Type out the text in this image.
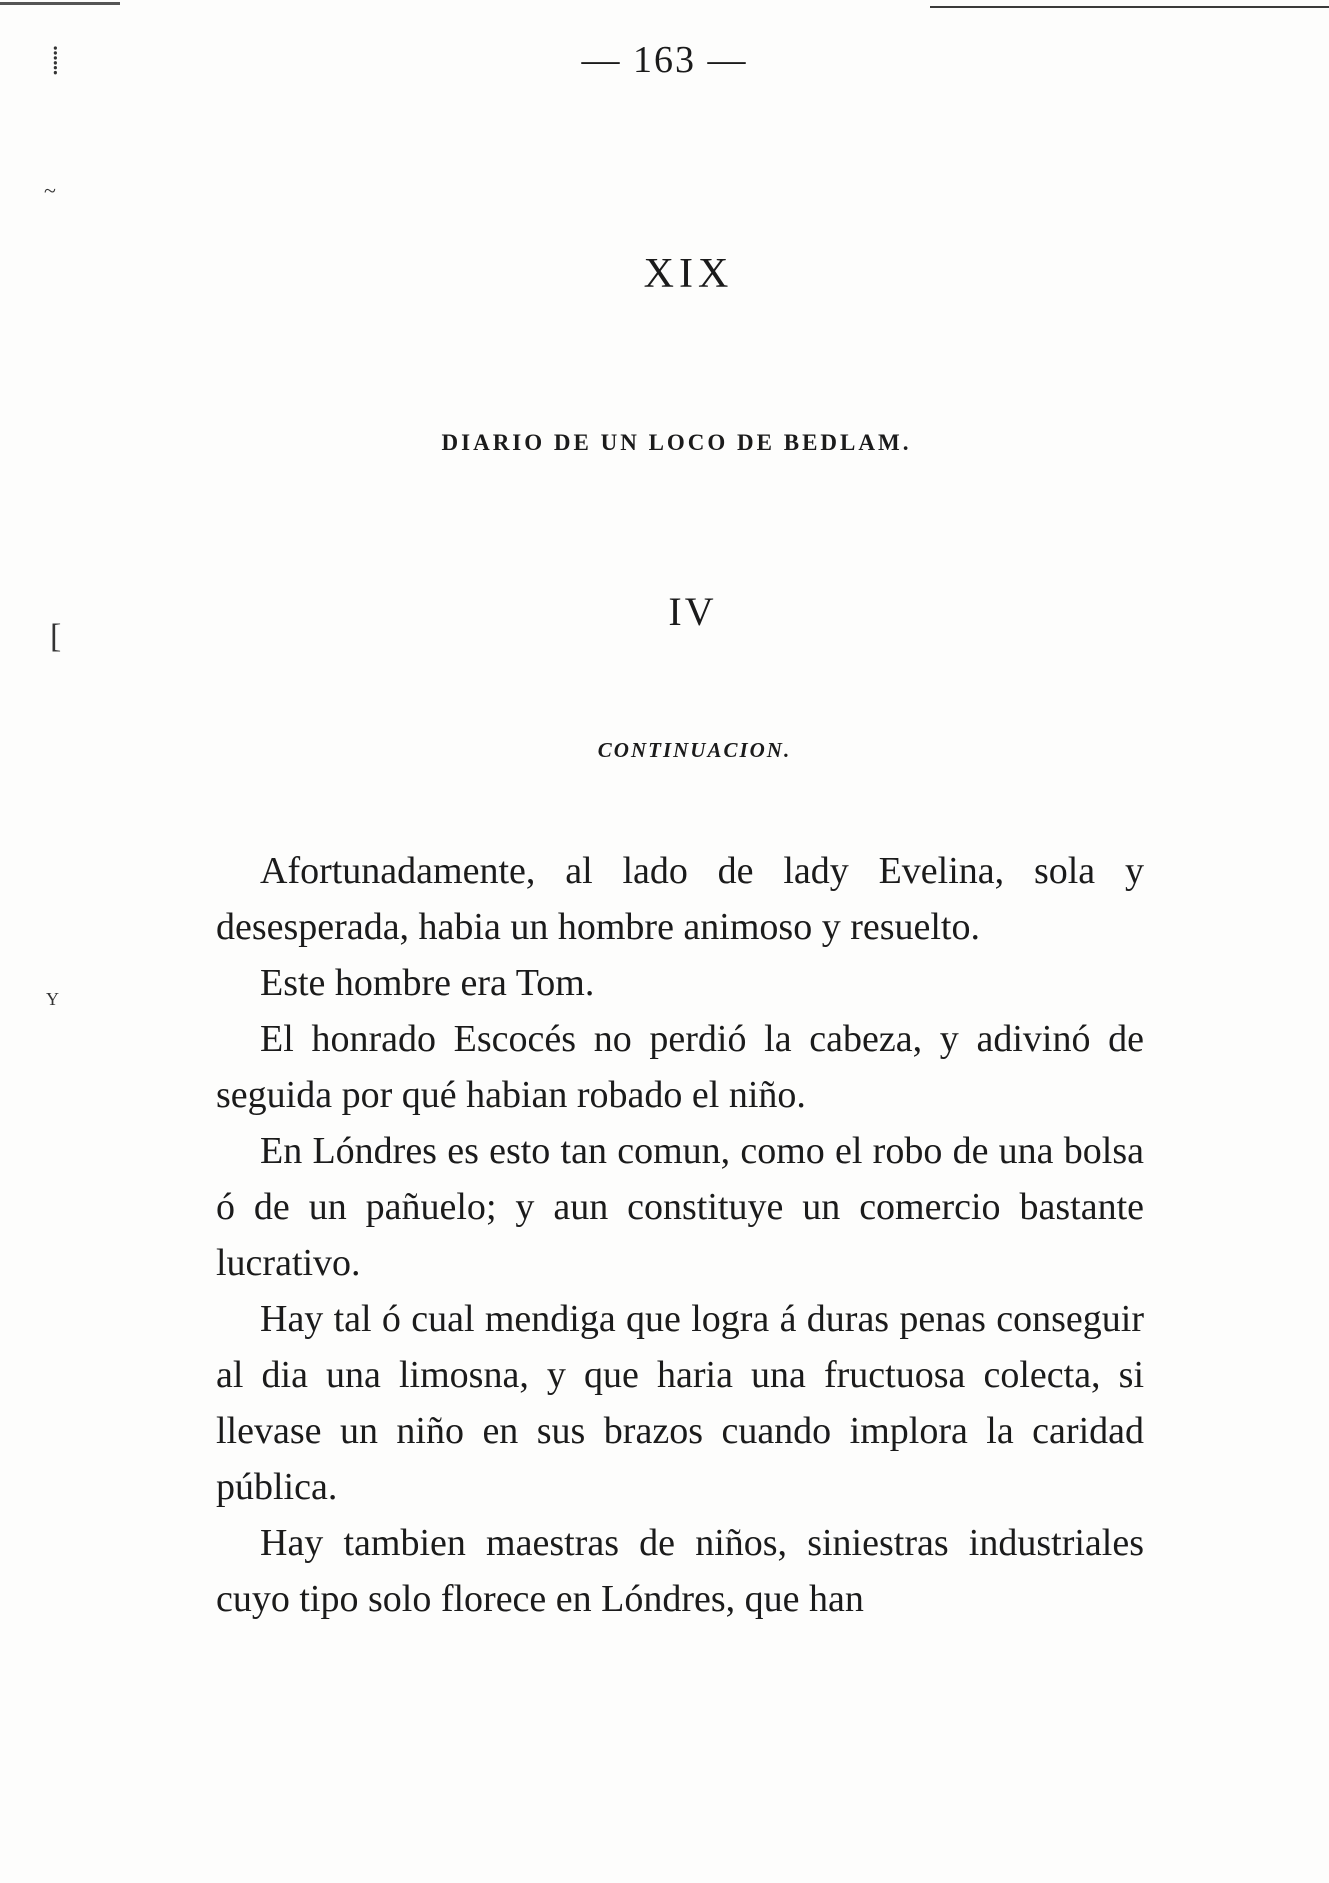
⸽
~
[
Y
— 163 —
XIX
DIARIO DE UN LOCO DE BEDLAM.
IV
CONTINUACION.

Afortunadamente, al lado de lady Evelina, sola y desesperada, habia un hombre animoso y resuelto.

Este hombre era Tom.

El honrado Escocés no perdió la cabeza, y adivinó de seguida por qué habian robado el niño.

En Lóndres es esto tan comun, como el robo de una bolsa ó de un pañuelo; y aun constituye un comercio bastante lucrativo.

Hay tal ó cual mendiga que logra á duras penas conseguir al dia una limosna, y que haria una fructuosa colecta, si llevase un niño en sus brazos cuando implora la caridad pública.

Hay tambien maestras de niños, siniestras industriales cuyo tipo solo florece en Lóndres, que han
